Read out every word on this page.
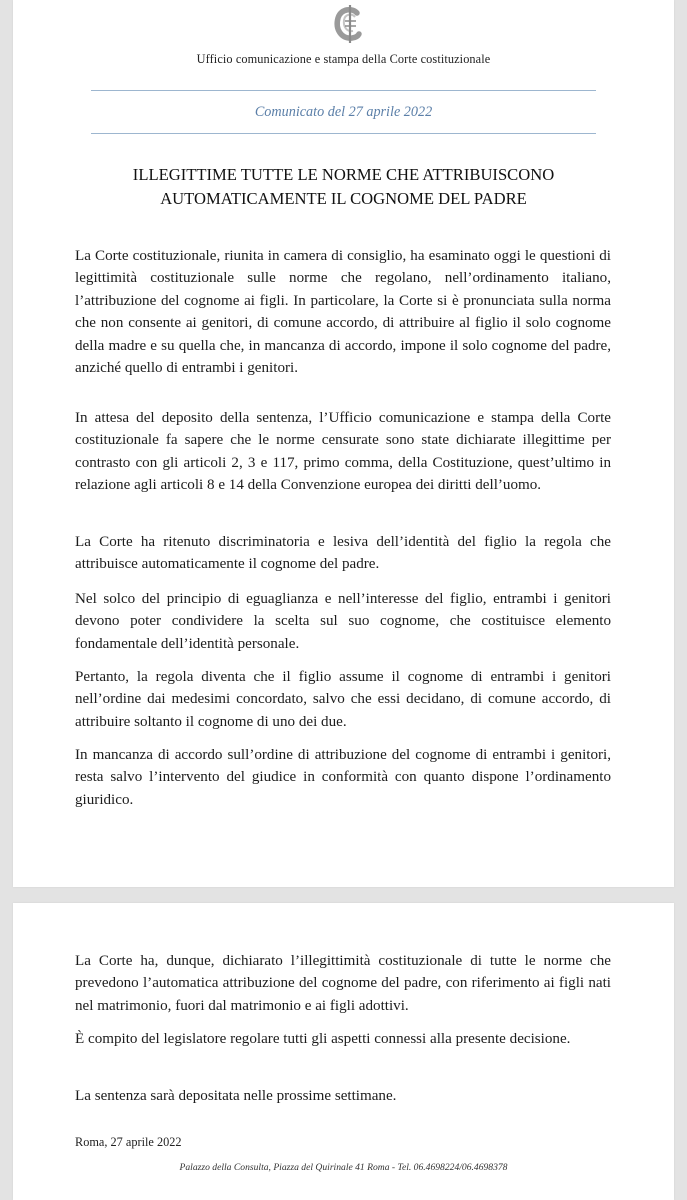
Ufficio comunicazione e stampa della Corte costituzionale
Comunicato del 27 aprile 2022
ILLEGITTIME TUTTE LE NORME CHE ATTRIBUISCONO
AUTOMATICAMENTE IL COGNOME DEL PADRE

La Corte costituzionale, riunita in camera di consiglio, ha esaminato oggi le questioni di legittimità costituzionale sulle norme che regolano, nell’ordinamento italiano, l’attribuzione del cognome ai figli. In particolare, la Corte si è pronunciata sulla norma che non consente ai genitori, di comune accordo, di attribuire al figlio il solo cognome della madre e su quella che, in mancanza di accordo, impone il solo cognome del padre, anziché quello di entrambi i genitori.

In attesa del deposito della sentenza, l’Ufficio comunicazione e stampa della Corte costituzionale fa sapere che le norme censurate sono state dichiarate illegittime per contrasto con gli articoli 2, 3 e 117, primo comma, della Costituzione, quest’ultimo in relazione agli articoli 8 e 14 della Convenzione europea dei diritti dell’uomo.

La Corte ha ritenuto discriminatoria e lesiva dell’identità del figlio la regola che attribuisce automaticamente il cognome del padre.

Nel solco del principio di eguaglianza e nell’interesse del figlio, entrambi i genitori devono poter condividere la scelta sul suo cognome, che costituisce elemento fondamentale dell’identità personale.

Pertanto, la regola diventa che il figlio assume il cognome di entrambi i genitori nell’ordine dai medesimi concordato, salvo che essi decidano, di comune accordo, di attribuire soltanto il cognome di uno dei due.

In mancanza di accordo sull’ordine di attribuzione del cognome di entrambi i genitori, resta salvo l’intervento del giudice in conformità con quanto dispone l’ordinamento giuridico.

La Corte ha, dunque, dichiarato l’illegittimità costituzionale di tutte le norme che prevedono l’automatica attribuzione del cognome del padre, con riferimento ai figli nati nel matrimonio, fuori dal matrimonio e ai figli adottivi.

È compito del legislatore regolare tutti gli aspetti connessi alla presente decisione.

La sentenza sarà depositata nelle prossime settimane.

Roma, 27 aprile 2022
Palazzo della Consulta, Piazza del Quirinale 41 Roma - Tel. 06.4698224/06.4698378
